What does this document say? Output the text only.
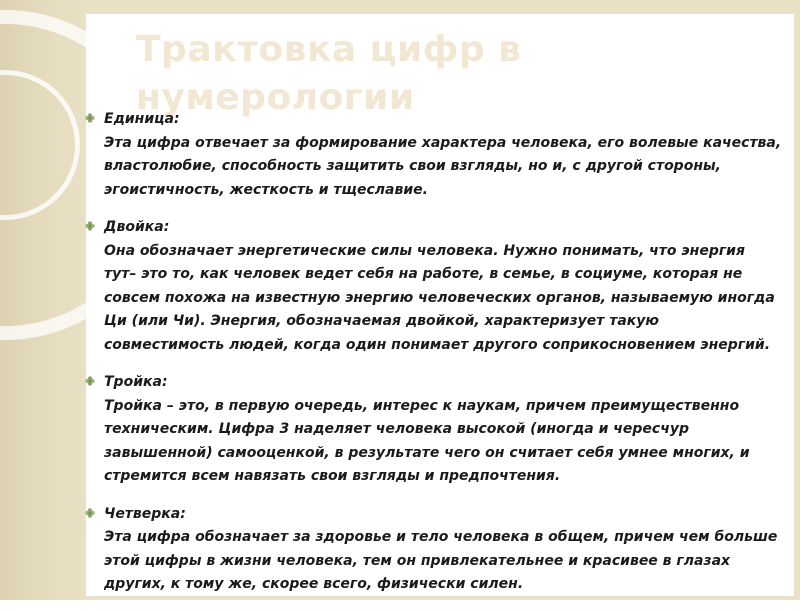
Трактовка цифр в нумерологии
Единица:
Эта цифра отвечает за формирование характера человека, его волевые качества, властолюбие, способность защитить свои взгляды, но и, с другой стороны, эгоистичность, жесткость и тщеславие.
Двойка:
Она обозначает энергетические силы человека. Нужно понимать, что энергия тут– это то, как человек ведет себя на работе, в семье, в социуме, которая не совсем похожа на известную энергию человеческих органов, называемую иногда Ци (или Чи). Энергия, обозначаемая двойкой, характеризует такую совместимость людей, когда один понимает другого соприкосновением энергий.
Тройка:
Тройка – это, в первую очередь, интерес к наукам, причем преимущественно техническим. Цифра 3 наделяет человека высокой (иногда и чересчур завышенной) самооценкой, в результате чего он считает себя умнее многих, и стремится всем навязать свои взгляды и предпочтения.
Четверка:
Эта цифра обозначает за здоровье и тело человека в общем, причем чем больше этой цифры в жизни человека, тем он привлекательнее и красивее в глазах других, к тому же, скорее всего, физически силен.
